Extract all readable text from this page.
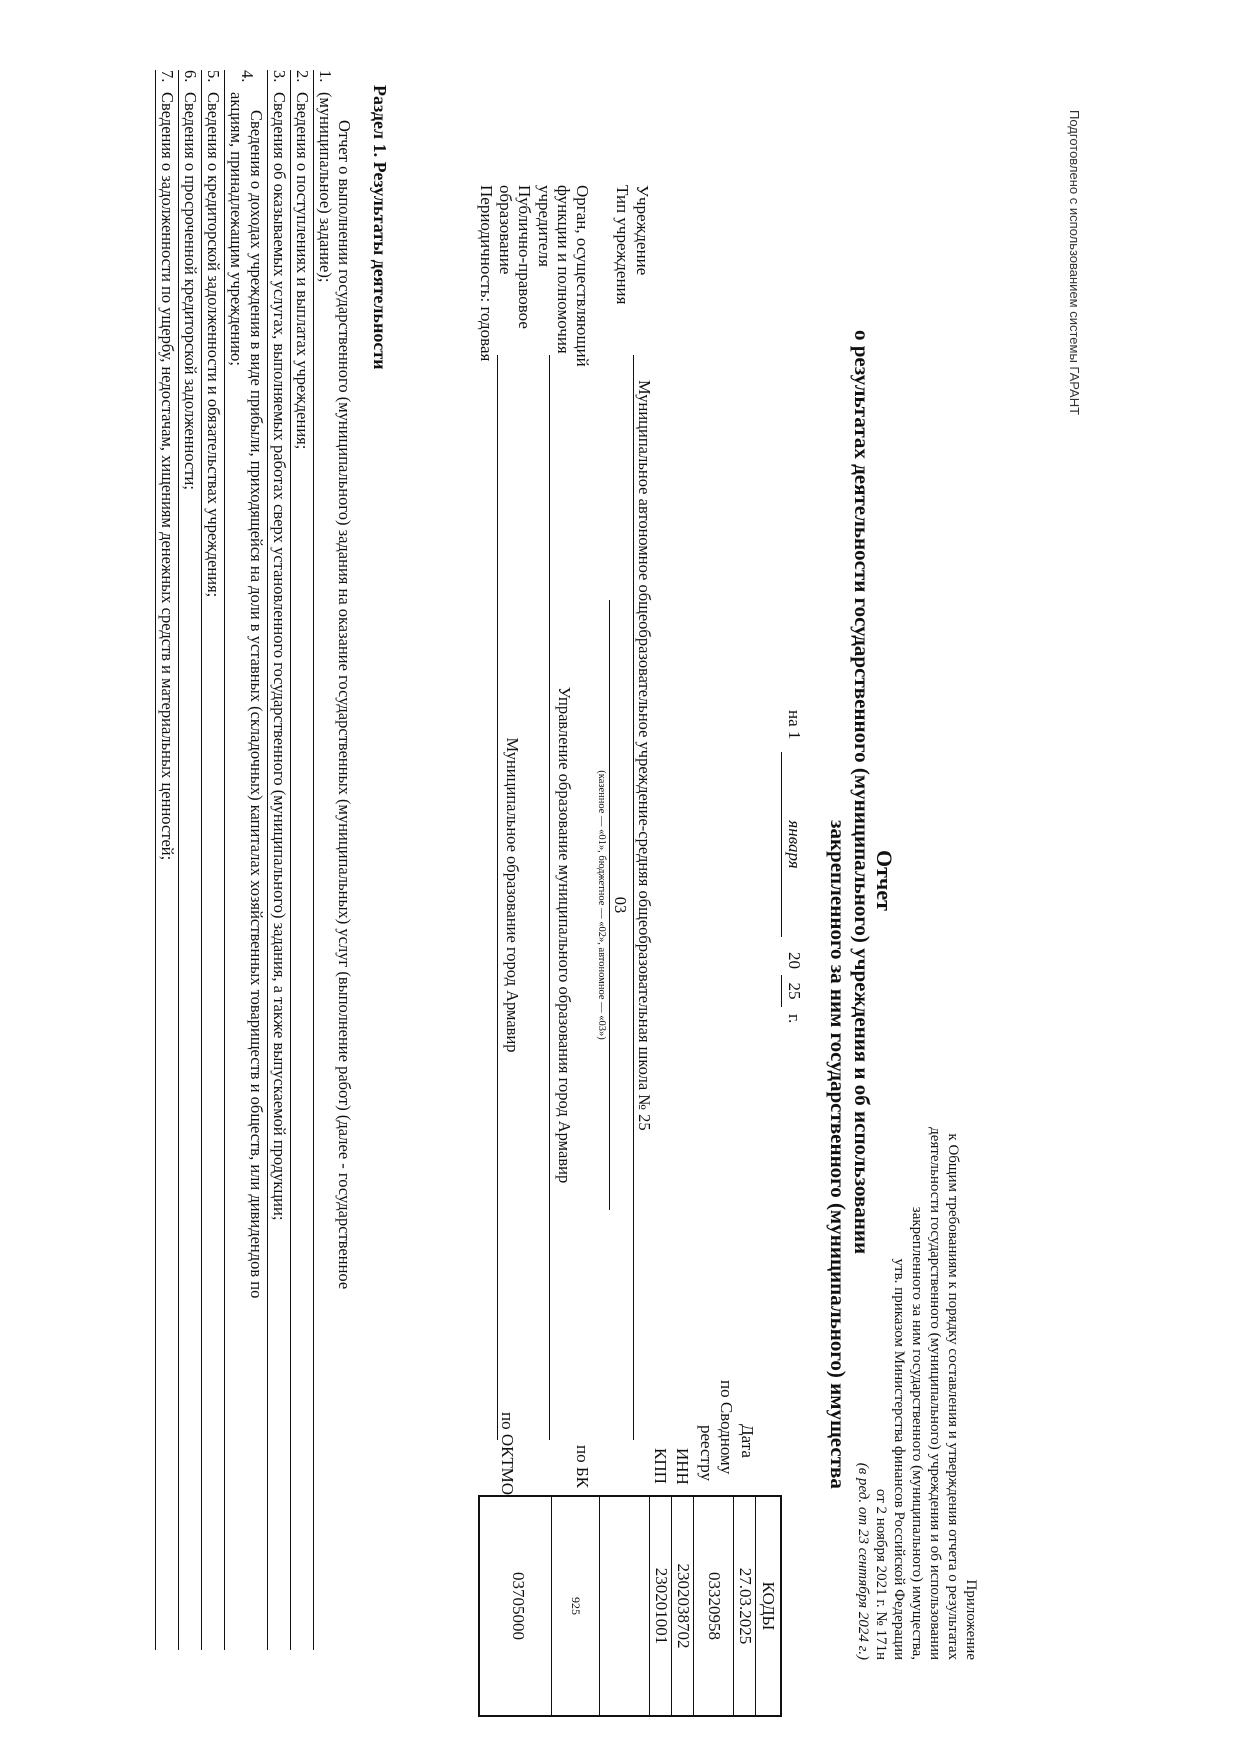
Подготовлено с использованием системы ГАРАНТ
Приложение
к Общим требованиям к порядку составления и утверждения отчета о результатах
деятельности государственного (муниципального) учреждения и об использовании
закрепленного за ним государственного (муниципального) имущества,
утв. приказом Министерства финансов Российской Федерации
от 2 ноября 2021 г. № 171н
(в ред. от 23 сентября 2024 г.)
Отчет
о результатах деятельности государственного (муниципального) учреждения и об использовании
закрепленного за ним государственного (муниципального) имущества
на 1
января
20
25
г.
Учреждение
Тип учреждения
Орган, осуществляющий
функции и полномочия
учредителя
Публично-правовое
образование
Периодичность: годовая
Муниципальное автономное общеобразовательное учреждение-средняя общеобразовательная школа № 25
03
(казенное — «01», бюджетное — «02», автономное — «03»)
Управление образование муниципального образования город Армавир
Муниципальное образование город Армавир
Дата
по Сводному
реестру
ИНН
КПП
по БК
по ОКТМО
КОДЫ
27.03.2025
03320958
2302038702
230201001
925
03705000
Раздел 1. Результаты деятельности
Отчет о выполнении государственного (муниципального) задания на оказание государственных (муниципальных) услуг (выполнение работ) (далее - государственное
1.
(муниципальное) задание);
2.
Сведения о поступлениях и выплатах учреждения;
3.
Сведения об оказываемых услугах, выполняемых работах сверх установленного государственного (муниципального) задания, а также выпускаемой продукции;
Сведения о доходах учреждения в виде прибыли, приходящейся на доли в уставных (складочных) капиталах хозяйственных товариществ и обществ, или дивидендов по
4.
акциям, принадлежащим учреждению;
5.
Сведения о кредиторской задолженности и обязательствах учреждения;
6.
Сведения о просроченной кредиторской задолженности;
7.
Сведения о задолженности по ущербу, недостачам, хищениям денежных средств и материальных ценностей;
